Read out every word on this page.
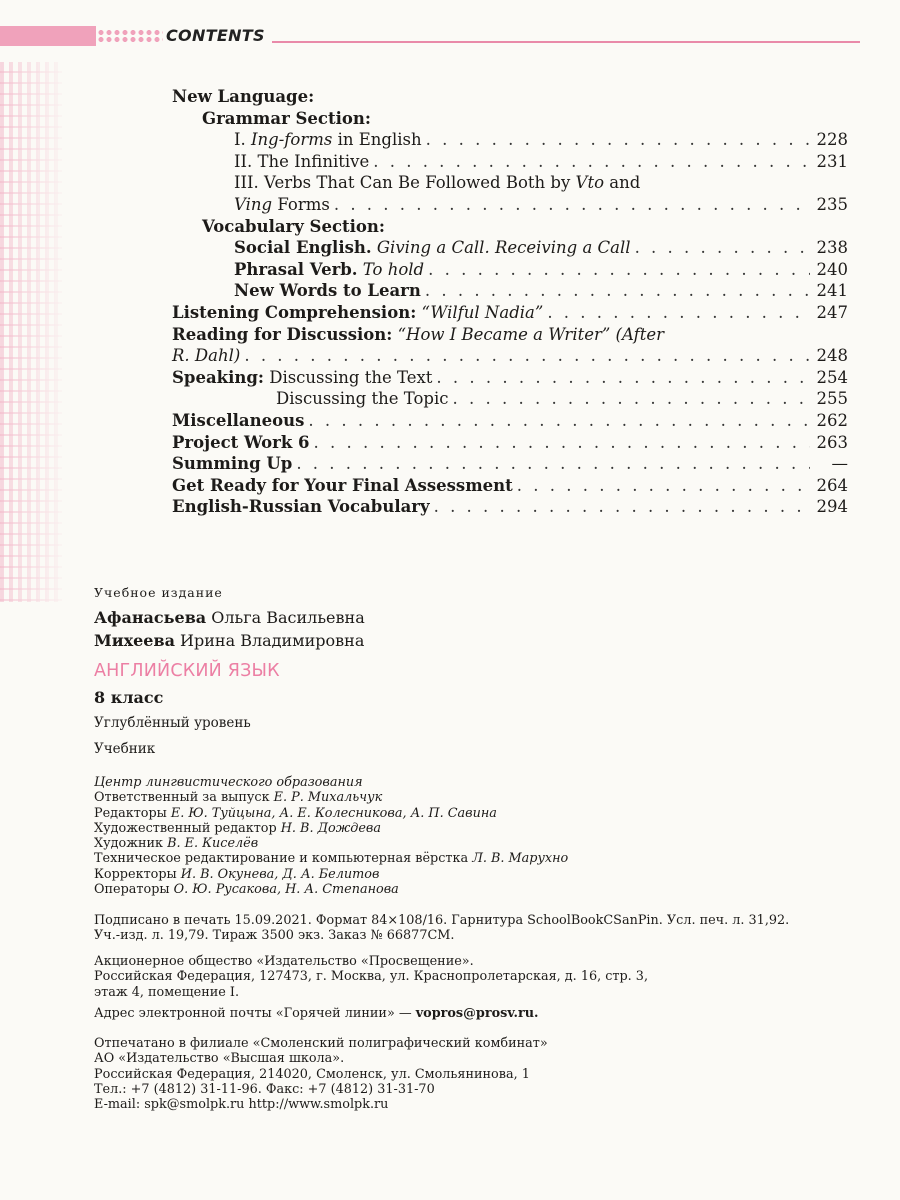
CONTENTS
New Language:
Grammar Section:
I. Ing-forms in English . . .	228
II. The Infinitive . . .	231
III. Verbs That Can Be Followed Both by Vto and
Ving Forms . . .	235
Vocabulary Section:
Social English. Giving a Call. Receiving a Call . . .	238
Phrasal Verb. To hold . . .	240
New Words to Learn . . .	241
Listening Comprehension: “Wilful Nadia” . . .	247
Reading for Discussion: “How I Became a Writer” (After
R. Dahl) . . .	248
Speaking: Discussing the Text . . .	254
Discussing the Topic . . .	255
Miscellaneous . . .	262
Project Work 6 . . .	263
Summing Up . . .	—
Get Ready for Your Final Assessment . . .	264
English-Russian Vocabulary . . .	294
Учебное издание
Афанасьева Ольга Васильевна
Михеева Ирина Владимировна
АНГЛИЙСКИЙ ЯЗЫК
8 класс
Углублённый уровень
Учебник
Центр лингвистического образования
Ответственный за выпуск Е. Р. Михальчук
Редакторы Е. Ю. Туйцына, А. Е. Колесникова, А. П. Савина
Художественный редактор Н. В. Дождева
Художник В. Е. Киселёв
Техническое редактирование и компьютерная вёрстка Л. В. Марухно
Корректоры И. В. Окунева, Д. А. Белитов
Операторы О. Ю. Русакова, Н. А. Степанова
Подписано в печать 15.09.2021. Формат 84×108/16. Гарнитура SchoolBookCSanPin. Усл. печ. л. 31,92.
Уч.-изд. л. 19,79. Тираж 3500 экз. Заказ № 66877СМ.
Акционерное общество «Издательство «Просвещение».
Российская Федерация, 127473, г. Москва, ул. Краснопролетарская, д. 16, стр. 3,
этаж 4, помещение I.
Адрес электронной почты «Горячей линии» — vopros@prosv.ru.
Отпечатано в филиале «Смоленский полиграфический комбинат»
АО «Издательство «Высшая школа».
Российская Федерация, 214020, Смоленск, ул. Смольянинова, 1
Тел.: +7 (4812) 31-11-96. Факс: +7 (4812) 31-31-70
E-mail: spk@smolpk.ru http://www.smolpk.ru
